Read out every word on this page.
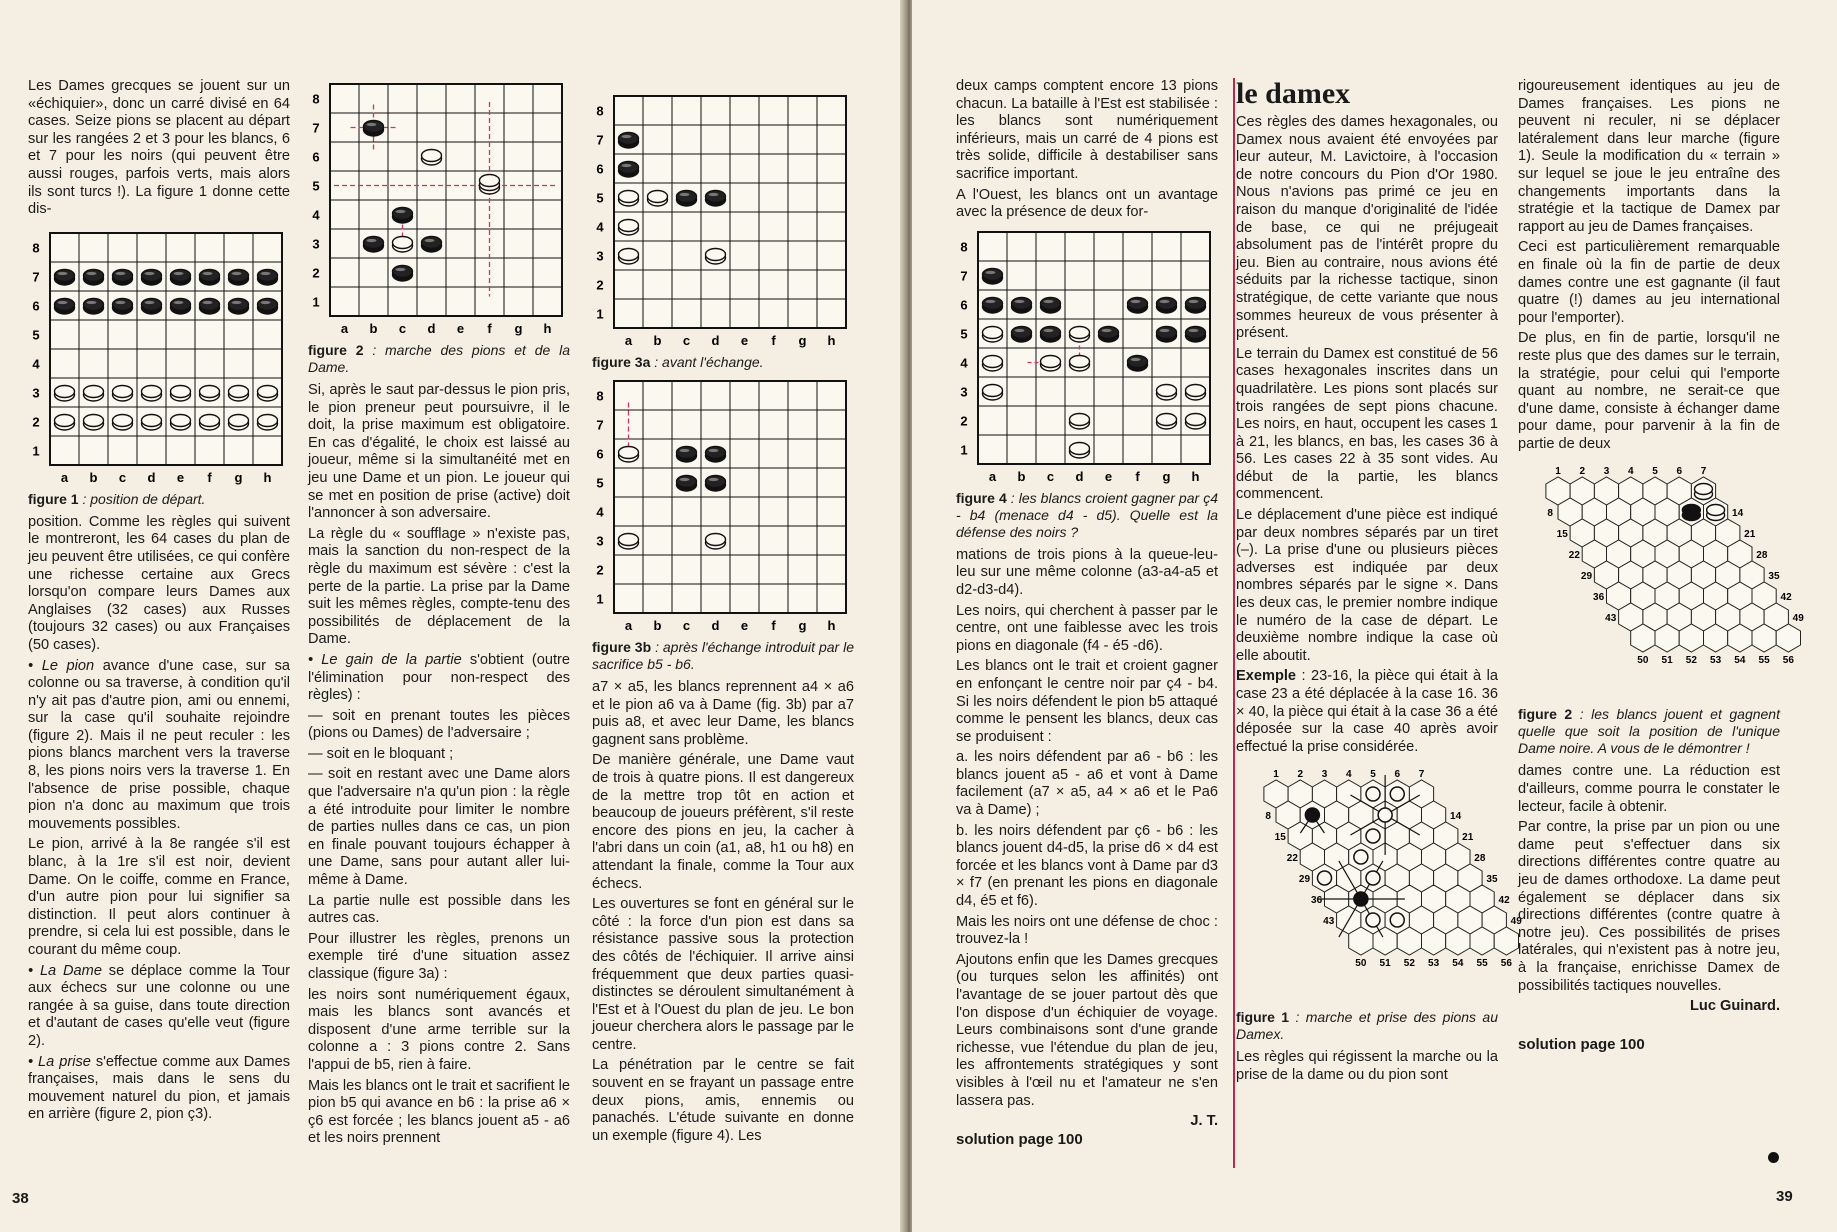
Les Dames grecques se jouent sur un «échiquier», donc un carré divisé en 64 cases. Seize pions se placent au départ sur les rangées 2 et 3 pour les blancs, 6 et 7 pour les noirs (qui peuvent être aussi rouges, parfois verts, mais alors ils sont turcs !). La figure 1 donne cette dis-

8
7
6
5
4
3
2
1
a b c d e f g h
figure 1 : position de départ.

position. Comme les règles qui suivent le montreront, les 64 cases du plan de jeu peuvent être utilisées, ce qui confère une richesse certaine aux Grecs lorsqu'on compare leurs Dames aux Anglaises (32 cases) aux Russes (toujours 32 cases) ou aux Françaises (50 cases).

• Le pion avance d'une case, sur sa colonne ou sa traverse, à condition qu'il n'y ait pas d'autre pion, ami ou ennemi, sur la case qu'il souhaite rejoindre (figure 2). Mais il ne peut reculer : les pions blancs marchent vers la traverse 8, les pions noirs vers la traverse 1. En l'absence de prise possible, chaque pion n'a donc au maximum que trois mouvements possibles.

Le pion, arrivé à la 8e rangée s'il est blanc, à la 1re s'il est noir, devient Dame. On le coiffe, comme en France, d'un autre pion pour lui signifier sa distinction. Il peut alors continuer à prendre, si cela lui est possible, dans le courant du même coup.

• La Dame se déplace comme la Tour aux échecs sur une colonne ou une rangée à sa guise, dans toute direction et d'autant de cases qu'elle veut (figure 2).

• La prise s'effectue comme aux Dames françaises, mais dans le sens du mouvement naturel du pion, et jamais en arrière (figure 2, pion ç3).

8
7
6
5
4
3
2
1
a b c d e f g h
figure 2 : marche des pions et de la Dame.

Si, après le saut par-dessus le pion pris, le pion preneur peut poursuivre, il le doit, la prise maximum est obligatoire. En cas d'égalité, le choix est laissé au joueur, même si la simultanéité met en jeu une Dame et un pion. Le joueur qui se met en position de prise (active) doit l'annoncer à son adversaire.

La règle du « soufflage » n'existe pas, mais la sanction du non-respect de la règle du maximum est sévère : c'est la perte de la partie. La prise par la Dame suit les mêmes règles, compte-tenu des possibilités de déplacement de la Dame.

• Le gain de la partie s'obtient (outre l'élimination pour non-respect des règles) :

— soit en prenant toutes les pièces (pions ou Dames) de l'adversaire ;

— soit en le bloquant ;

— soit en restant avec une Dame alors que l'adversaire n'a qu'un pion : la règle a été introduite pour limiter le nombre de parties nulles dans ce cas, un pion en finale pouvant toujours échapper à une Dame, sans pour autant aller lui-même à Dame.

La partie nulle est possible dans les autres cas.

Pour illustrer les règles, prenons un exemple tiré d'une situation assez classique (figure 3a) :

les noirs sont numériquement égaux, mais les blancs sont avancés et disposent d'une arme terrible sur la colonne a : 3 pions contre 2. Sans l'appui de b5, rien à faire.

Mais les blancs ont le trait et sacrifient le pion b5 qui avance en b6 : la prise a6 × ç6 est forcée ; les blancs jouent a5 - a6 et les noirs prennent

8
7
6
5
4
3
2
1
a b c d e f g h
figure 3a : avant l'échange.
8
7
6
5
4
3
2
1
a b c d e f g h
figure 3b : après l'échange introduit par le sacrifice b5 - b6.

a7 × a5, les blancs reprennent a4 × a6 et le pion a6 va à Dame (fig. 3b) par a7 puis a8, et avec leur Dame, les blancs gagnent sans problème.

De manière générale, une Dame vaut de trois à quatre pions. Il est dangereux de la mettre trop tôt en action et beaucoup de joueurs préfèrent, s'il reste encore des pions en jeu, la cacher à l'abri dans un coin (a1, a8, h1 ou h8) en attendant la finale, comme la Tour aux échecs.

Les ouvertures se font en général sur le côté : la force d'un pion est dans sa résistance passive sous la protection des côtés de l'échiquier. Il arrive ainsi fréquemment que deux parties quasi-distinctes se déroulent simultanément à l'Est et à l'Ouest du plan de jeu. Le bon joueur cherchera alors le passage par le centre.

La pénétration par le centre se fait souvent en se frayant un passage entre deux pions, amis, ennemis ou panachés. L'étude suivante en donne un exemple (figure 4). Les

38

deux camps comptent encore 13 pions chacun. La bataille à l'Est est stabilisée : les blancs sont numériquement inférieurs, mais un carré de 4 pions est très solide, difficile à destabiliser sans sacrifice important.

A l'Ouest, les blancs ont un avantage avec la présence de deux for-

8
7
6
5
4
3
2
1
a b c d e f g h
figure 4 : les blancs croient gagner par ç4 - b4 (menace d4 - d5). Quelle est la défense des noirs ?

mations de trois pions à la queue-leu-leu sur une même colonne (a3-a4-a5 et d2-d3-d4).

Les noirs, qui cherchent à passer par le centre, ont une faiblesse avec les trois pions en diagonale (f4 - é5 -d6).

Les blancs ont le trait et croient gagner en enfonçant le centre noir par ç4 - b4. Si les noirs défendent le pion b5 attaqué comme le pensent les blancs, deux cas se produisent :

a. les noirs défendent par a6 - b6 : les blancs jouent a5 - a6 et vont à Dame facilement (a7 × a5, a4 × a6 et le Pa6 va à Dame) ;

b. les noirs défendent par ç6 - b6 : les blancs jouent d4-d5, la prise d6 × d4 est forcée et les blancs vont à Dame par d3 × f7 (en prenant les pions en diagonale d4, é5 et f6).

Mais les noirs ont une défense de choc : trouvez-la !

Ajoutons enfin que les Dames grecques (ou turques selon les affinités) ont l'avantage de se jouer partout dès que l'on dispose d'un échiquier de voyage. Leurs combinaisons sont d'une grande richesse, vue l'étendue du plan de jeu, les affrontements stratégiques y sont visibles à l'œil nu et l'amateur ne s'en lassera pas.

J. T.
solution page 100
le damex

Ces règles des dames hexagonales, ou Damex nous avaient été envoyées par leur auteur, M. Lavictoire, à l'occasion de notre concours du Pion d'Or 1980. Nous n'avions pas primé ce jeu en raison du manque d'originalité de l'idée de base, ce qui ne préjugeait absolument pas de l'intérêt propre du jeu. Bien au contraire, nous avions été séduits par la richesse tactique, sinon stratégique, de cette variante que nous sommes heureux de vous présenter à présent.

Le terrain du Damex est constitué de 56 cases hexagonales inscrites dans un quadrilatère. Les pions sont placés sur trois rangées de sept pions chacune. Les noirs, en haut, occupent les cases 1 à 21, les blancs, en bas, les cases 36 à 56. Les cases 22 à 35 sont vides. Au début de la partie, les blancs commencent.

Le déplacement d'une pièce est indiqué par deux nombres séparés par un tiret (–). La prise d'une ou plusieurs pièces adverses est indiquée par deux nombres séparés par le signe ×. Dans les deux cas, le premier nombre indique le numéro de la case de départ. Le deuxième nombre indique la case où elle aboutit.

Exemple : 23-16, la pièce qui était à la case 23 a été déplacée à la case 16. 36 × 40, la pièce qui était à la case 36 a été déposée sur la case 40 après avoir effectué la prise considérée.

1 2 3 4 5 6 7
8
15
22
29
36
43
14
21
28
35
42
49
50 51 52 53 54 55 56
figure 1 : marche et prise des pions au Damex.

Les règles qui régissent la marche ou la prise de la dame ou du pion sont

rigoureusement identiques au jeu de Dames françaises. Les pions ne peuvent ni reculer, ni se déplacer latéralement dans leur marche (figure 1). Seule la modification du « terrain » sur lequel se joue le jeu entraîne des changements importants dans la stratégie et la tactique de Damex par rapport au jeu de Dames françaises.

Ceci est particulièrement remarquable en finale où la fin de partie de deux dames contre une est gagnante (il faut quatre (!) dames au jeu international pour l'emporter).

De plus, en fin de partie, lorsqu'il ne reste plus que des dames sur le terrain, la stratégie, pour celui qui l'emporte quant au nombre, ne serait-ce que d'une dame, consiste à échanger dame pour dame, pour parvenir à la fin de partie de deux

1 2 3 4 5 6 7
8
15
22
29
36
43
14
21
28
35
42
49
50 51 52 53 54 55 56
figure 2 : les blancs jouent et gagnent quelle que soit la position de l'unique Dame noire. A vous de le démontrer !

dames contre une. La réduction est d'ailleurs, comme pourra le constater le lecteur, facile à obtenir.

Par contre, la prise par un pion ou une dame peut s'effectuer dans six directions différentes contre quatre au jeu de dames orthodoxe. La dame peut également se déplacer dans six directions différentes (contre quatre à notre jeu). Ces possibilités de prises latérales, qui n'existent pas à notre jeu, à la française, enrichisse Damex de possibilités tactiques nouvelles.

Luc Guinard.
solution page 100
39
